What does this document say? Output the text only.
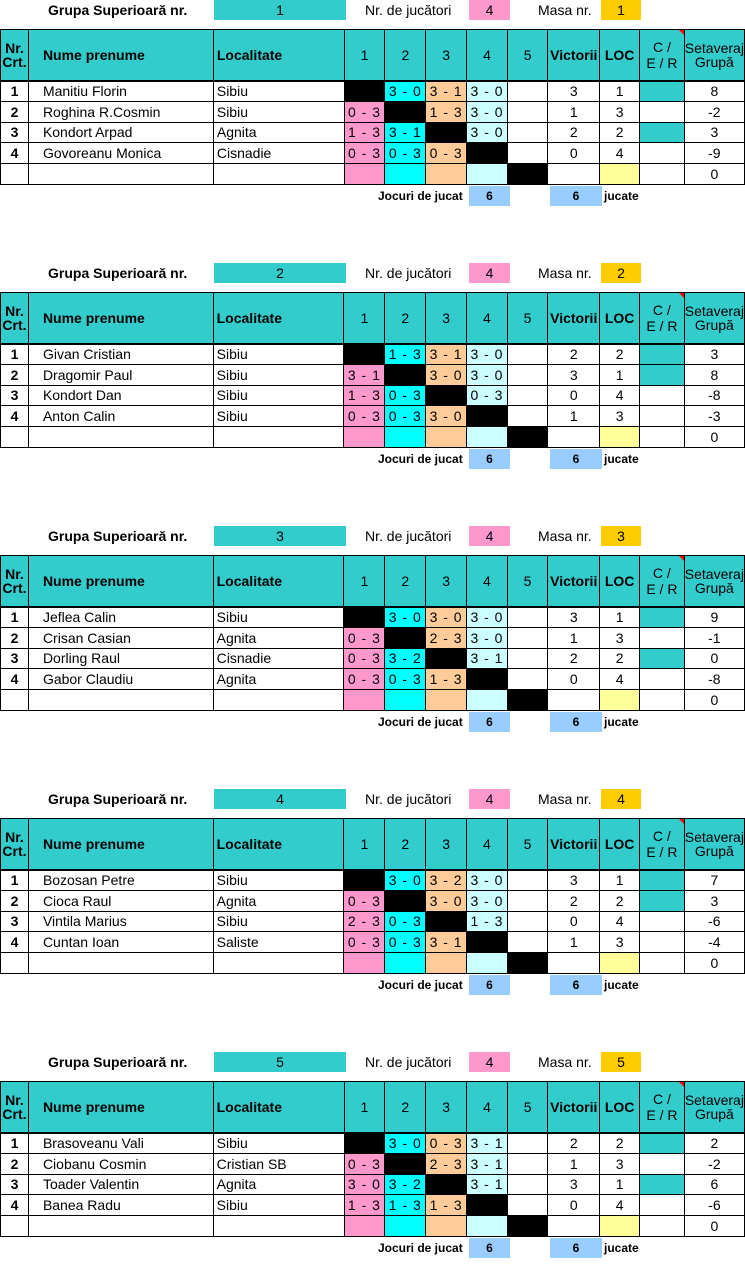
Grupa Superioară nr.	1	Nr. de jucători	4	Masa nr.	1
Nr.
Crt.	Nume prenume	Localitate	1	2	3	4	5	Victorii	LOC	C /
E / R	Setaveraj
Grupă
1	Manitiu Florin	Sibiu		3 - 0	3 - 1	3 - 0		3	1		8
2	Roghina R.Cosmin	Sibiu	0 - 3		1 - 3	3 - 0		1	3		-2
3	Kondort Arpad	Agnita	1 - 3	3 - 1		3 - 0		2	2		3
4	Govoreanu Monica	Cisnadie	0 - 3	0 - 3	0 - 3			0	4		-9
											0
Jocuri de jucat	6	6	jucate
Grupa Superioară nr.	2	Nr. de jucători	4	Masa nr.	2
Nr.
Crt.	Nume prenume	Localitate	1	2	3	4	5	Victorii	LOC	C /
E / R	Setaveraj
Grupă
1	Givan Cristian	Sibiu		1 - 3	3 - 1	3 - 0		2	2		3
2	Dragomir Paul	Sibiu	3 - 1		3 - 0	3 - 0		3	1		8
3	Kondort Dan	Sibiu	1 - 3	0 - 3		0 - 3		0	4		-8
4	Anton Calin	Sibiu	0 - 3	0 - 3	3 - 0			1	3		-3
											0
Jocuri de jucat	6	6	jucate
Grupa Superioară nr.	3	Nr. de jucători	4	Masa nr.	3
Nr.
Crt.	Nume prenume	Localitate	1	2	3	4	5	Victorii	LOC	C /
E / R	Setaveraj
Grupă
1	Jeflea Calin	Sibiu		3 - 0	3 - 0	3 - 0		3	1		9
2	Crisan Casian	Agnita	0 - 3		2 - 3	3 - 0		1	3		-1
3	Dorling Raul	Cisnadie	0 - 3	3 - 2		3 - 1		2	2		0
4	Gabor Claudiu	Agnita	0 - 3	0 - 3	1 - 3			0	4		-8
											0
Jocuri de jucat	6	6	jucate
Grupa Superioară nr.	4	Nr. de jucători	4	Masa nr.	4
Nr.
Crt.	Nume prenume	Localitate	1	2	3	4	5	Victorii	LOC	C /
E / R	Setaveraj
Grupă
1	Bozosan Petre	Sibiu		3 - 0	3 - 2	3 - 0		3	1		7
2	Cioca Raul	Agnita	0 - 3		3 - 0	3 - 0		2	2		3
3	Vintila Marius	Sibiu	2 - 3	0 - 3		1 - 3		0	4		-6
4	Cuntan Ioan	Saliste	0 - 3	0 - 3	3 - 1			1	3		-4
											0
Jocuri de jucat	6	6	jucate
Grupa Superioară nr.	5	Nr. de jucători	4	Masa nr.	5
Nr.
Crt.	Nume prenume	Localitate	1	2	3	4	5	Victorii	LOC	C /
E / R	Setaveraj
Grupă
1	Brasoveanu Vali	Sibiu		3 - 0	0 - 3	3 - 1		2	2		2
2	Ciobanu Cosmin	Cristian SB	0 - 3		2 - 3	3 - 1		1	3		-2
3	Toader Valentin	Agnita	3 - 0	3 - 2		3 - 1		3	1		6
4	Banea Radu	Sibiu	1 - 3	1 - 3	1 - 3			0	4		-6
											0
Jocuri de jucat	6	6	jucate
